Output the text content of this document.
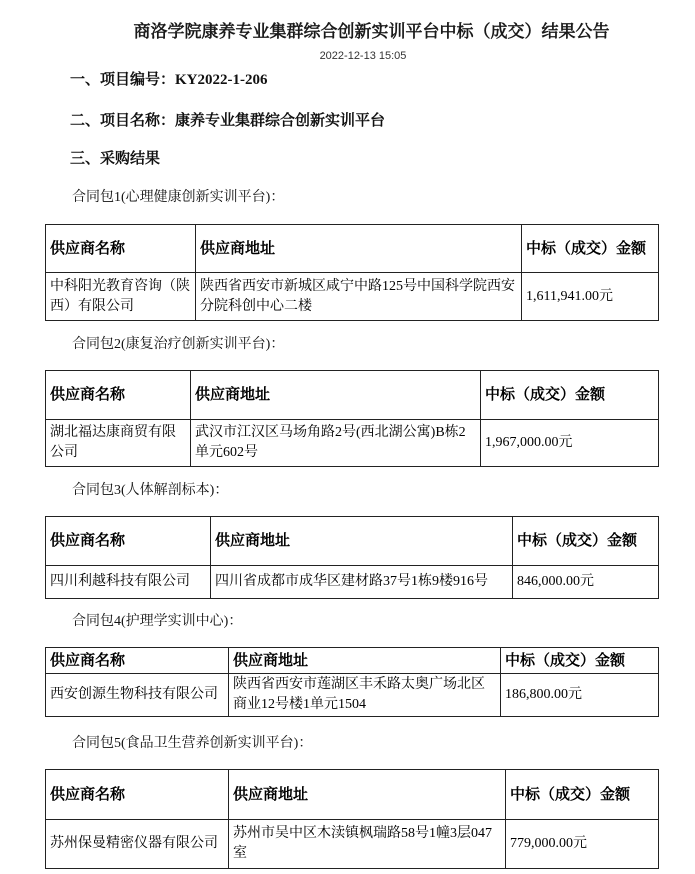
商洛学院康养专业集群综合创新实训平台中标（成交）结果公告
2022-12-13 15:05
一、项目编号：KY2022-1-206
二、项目名称：康养专业集群综合创新实训平台
三、采购结果
合同包1(心理健康创新实训平台)：
供应商名称	供应商地址	中标（成交）金额
中科阳光教育咨询（陕西）有限公司	陕西省西安市新城区咸宁中路125号中国科学院西安分院科创中心二楼	1,611,941.00元
合同包2(康复治疗创新实训平台)：
供应商名称	供应商地址	中标（成交）金额
湖北福达康商贸有限公司	武汉市江汉区马场角路2号(西北湖公寓)B栋2单元602号	1,967,000.00元
合同包3(人体解剖标本)：
供应商名称	供应商地址	中标（成交）金额
四川利越科技有限公司	四川省成都市成华区建材路37号1栋9楼916号	846,000.00元
合同包4(护理学实训中心)：
供应商名称	供应商地址	中标（成交）金额
西安创源生物科技有限公司	陕西省西安市莲湖区丰禾路太奥广场北区商业12号楼1单元1504	186,800.00元
合同包5(食品卫生营养创新实训平台)：
供应商名称	供应商地址	中标（成交）金额
苏州保曼精密仪器有限公司	苏州市吴中区木渎镇枫瑞路58号1幢3层047室	779,000.00元
